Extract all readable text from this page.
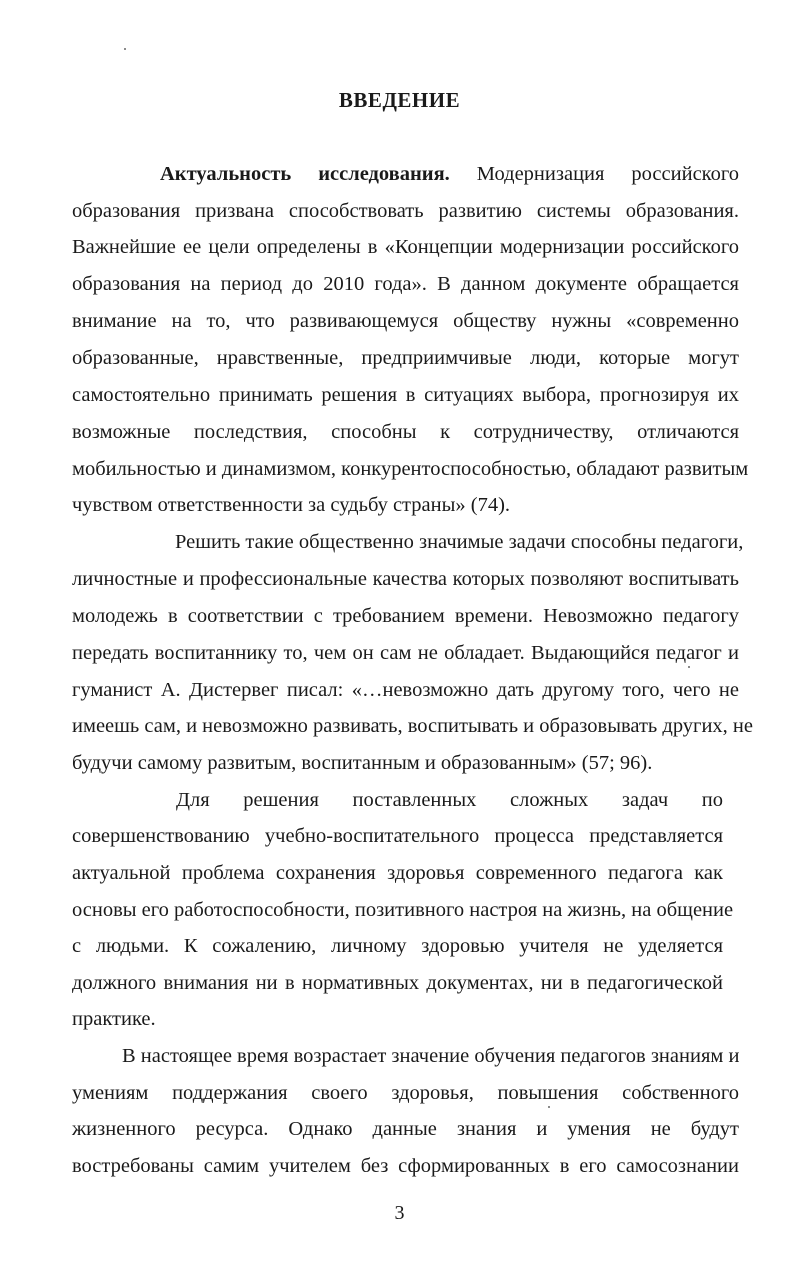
ВВЕДЕНИЕ
Актуальность исследования. Модернизация российского
образования призвана способствовать развитию системы образования.
Важнейшие ее цели определены в «Концепции модернизации российского
образования на период до 2010 года». В данном документе обращается
внимание на то, что развивающемуся обществу нужны «современно
образованные, нравственные, предприимчивые люди, которые могут
самостоятельно принимать решения в ситуациях выбора, прогнозируя их
возможные последствия, способны к сотрудничеству, отличаются
мобильностью и динамизмом, конкурентоспособностью, обладают развитым
чувством ответственности за судьбу страны» (74).
Решить такие общественно значимые задачи способны педагоги,
личностные и профессиональные качества которых позволяют воспитывать
молодежь в соответствии с требованием времени. Невозможно педагогу
передать воспитаннику то, чем он сам не обладает. Выдающийся педагог и
гуманист А. Дистервег писал: «…невозможно дать другому того, чего не
имеешь сам, и невозможно развивать, воспитывать и образовывать других, не
будучи самому развитым, воспитанным и образованным» (57; 96).
Для решения поставленных сложных задач по
совершенствованию учебно-воспитательного процесса представляется
актуальной проблема сохранения здоровья современного педагога как
основы его работоспособности, позитивного настроя на жизнь, на общение
с людьми. К сожалению, личному здоровью учителя не уделяется
должного внимания ни в нормативных документах, ни в педагогической
практике.
В настоящее время возрастает значение обучения педагогов знаниям и
умениям поддержания своего здоровья, повышения собственного
жизненного ресурса. Однако данные знания и умения не будут
востребованы самим учителем без сформированных в его самосознании
3
